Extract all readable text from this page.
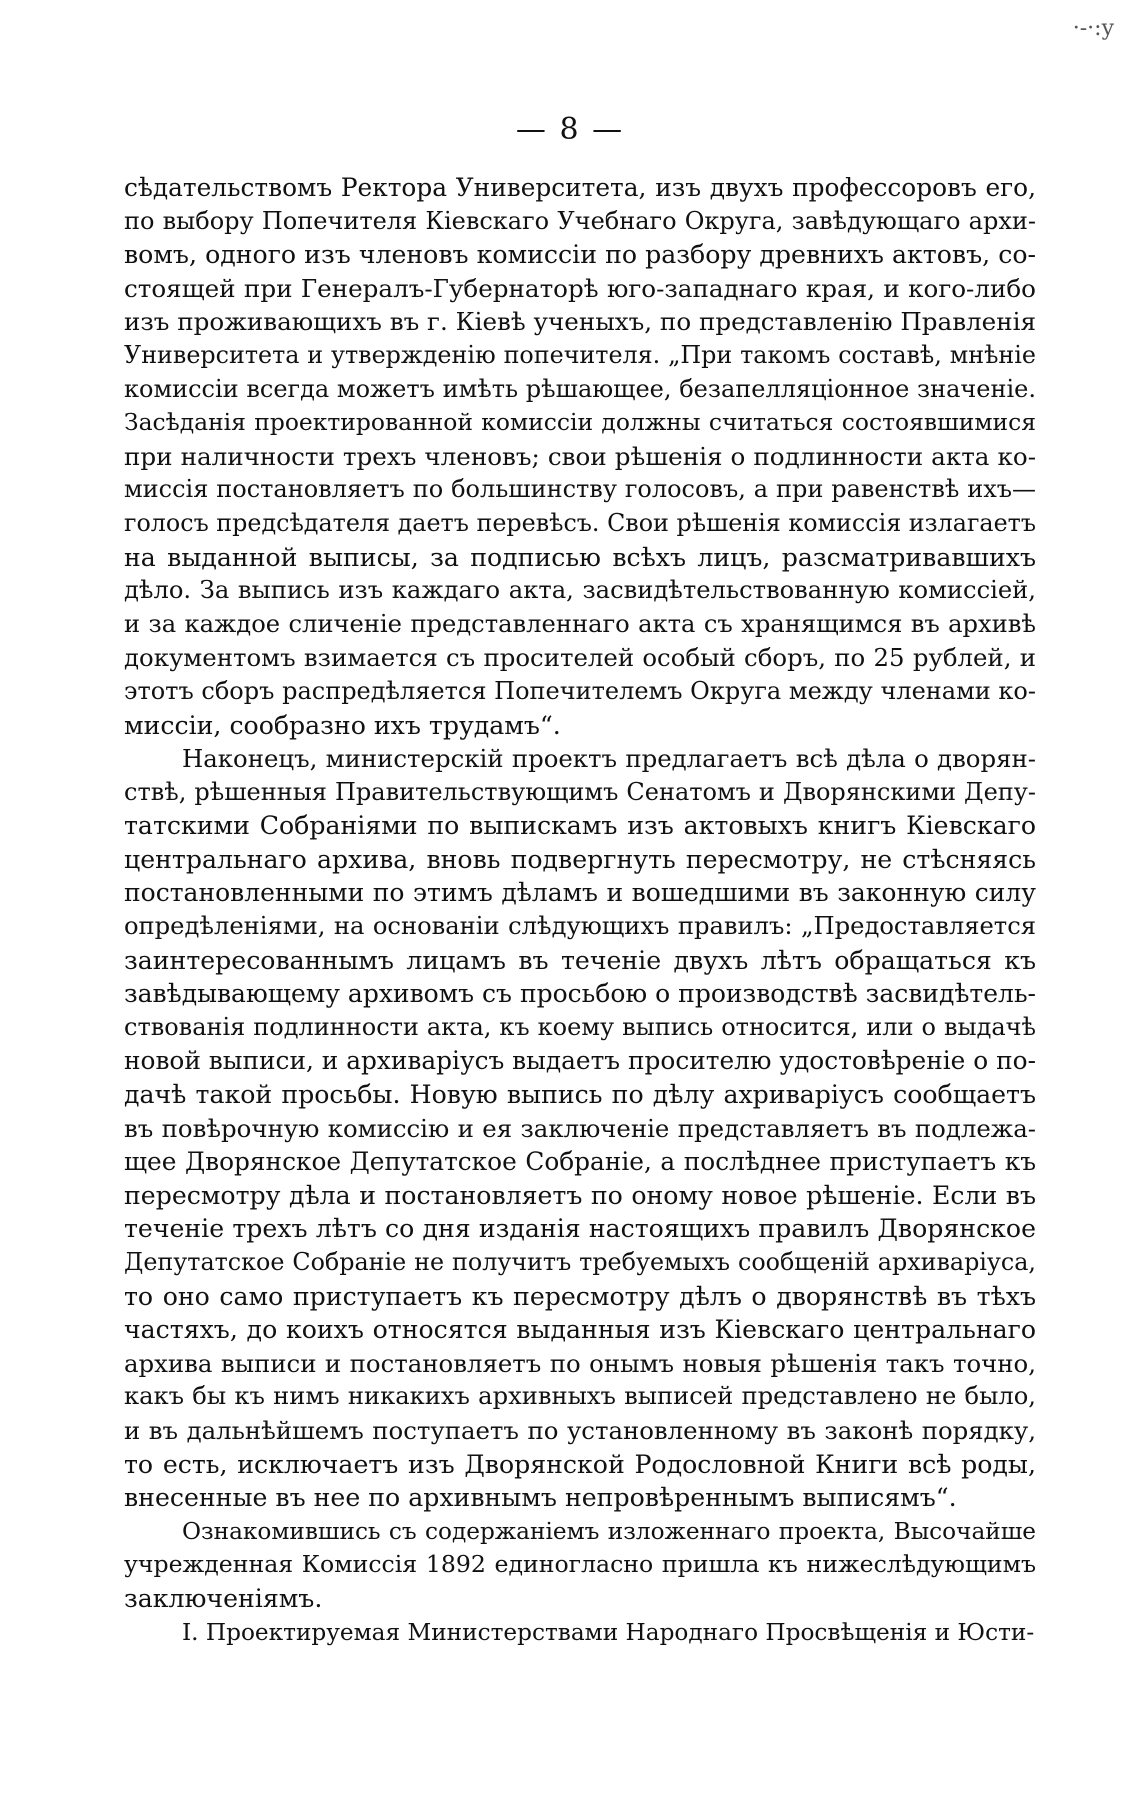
·-·:y
— 8 —
сѣдательствомъ Ректора Университета, изъ двухъ профессоровъ его,
по выбору Попечителя Кіевскаго Учебнаго Округа, завѣдующаго архи-
вомъ, одного изъ членовъ комиссіи по разбору древнихъ актовъ, со-
стоящей при Генералъ-Губернаторѣ юго-западнаго края, и кого-либо
изъ проживающихъ въ г. Кіевѣ ученыхъ, по представленію Правленія
Университета и утвержденію попечителя. „При такомъ составѣ, мнѣніе
комиссіи всегда можетъ имѣть рѣшающее, безапелляціонное значеніе.
Засѣданія проектированной комиссіи должны считаться состоявшимися
при наличности трехъ членовъ; свои рѣшенія о подлинности акта ко-
миссія постановляетъ по большинству голосовъ, а при равенствѣ ихъ—
голосъ предсѣдателя даетъ перевѣсъ. Свои рѣшенія комиссія излагаетъ
на выданной выписы, за подписью всѣхъ лицъ, разсматривавшихъ
дѣло. За выпись изъ каждаго акта, засвидѣтельствованную комиссіей,
и за каждое сличеніе представленнаго акта съ хранящимся въ архивѣ
документомъ взимается съ просителей особый сборъ, по 25 рублей, и
этотъ сборъ распредѣляется Попечителемъ Округа между членами ко-
миссіи, сообразно ихъ трудамъ“.
Наконецъ, министерскій проектъ предлагаетъ всѣ дѣла о дворян-
ствѣ, рѣшенныя Правительствующимъ Сенатомъ и Дворянскими Депу-
татскими Собраніями по выпискамъ изъ актовыхъ книгъ Кіевскаго
центральнаго архива, вновь подвергнуть пересмотру, не стѣсняясь
постановленными по этимъ дѣламъ и вошедшими въ законную силу
опредѣленіями, на основаніи слѣдующихъ правилъ: „Предоставляется
заинтересованнымъ лицамъ въ теченіе двухъ лѣтъ обращаться къ
завѣдывающему архивомъ съ просьбою о производствѣ засвидѣтель-
ствованія подлинности акта, къ коему выпись относится, или о выдачѣ
новой выписи, и архиваріусъ выдаетъ просителю удостовѣреніе о по-
дачѣ такой просьбы. Новую выпись по дѣлу ахриваріусъ сообщаетъ
въ повѣрочную комиссію и ея заключеніе представляетъ въ подлежа-
щее Дворянское Депутатское Собраніе, а послѣднее приступаетъ къ
пересмотру дѣла и постановляетъ по оному новое рѣшеніе. Если въ
теченіе трехъ лѣтъ со дня изданія настоящихъ правилъ Дворянское
Депутатское Собраніе не получитъ требуемыхъ сообщеній архиваріуса,
то оно само приступаетъ къ пересмотру дѣлъ о дворянствѣ въ тѣхъ
частяхъ, до коихъ относятся выданныя изъ Кіевскаго центральнаго
архива выписи и постановляетъ по онымъ новыя рѣшенія такъ точно,
какъ бы къ нимъ никакихъ архивныхъ выписей представлено не было,
и въ дальнѣйшемъ поступаетъ по установленному въ законѣ порядку,
то есть, исключаетъ изъ Дворянской Родословной Книги всѣ роды,
внесенные въ нее по архивнымъ непровѣреннымъ выписямъ“.
Ознакомившись съ содержаніемъ изложеннаго проекта, Высочайше
учрежденная Комиссія 1892 единогласно пришла къ нижеслѣдующимъ
заключеніямъ.
I. Проектируемая Министерствами Народнаго Просвѣщенія и Юсти-
